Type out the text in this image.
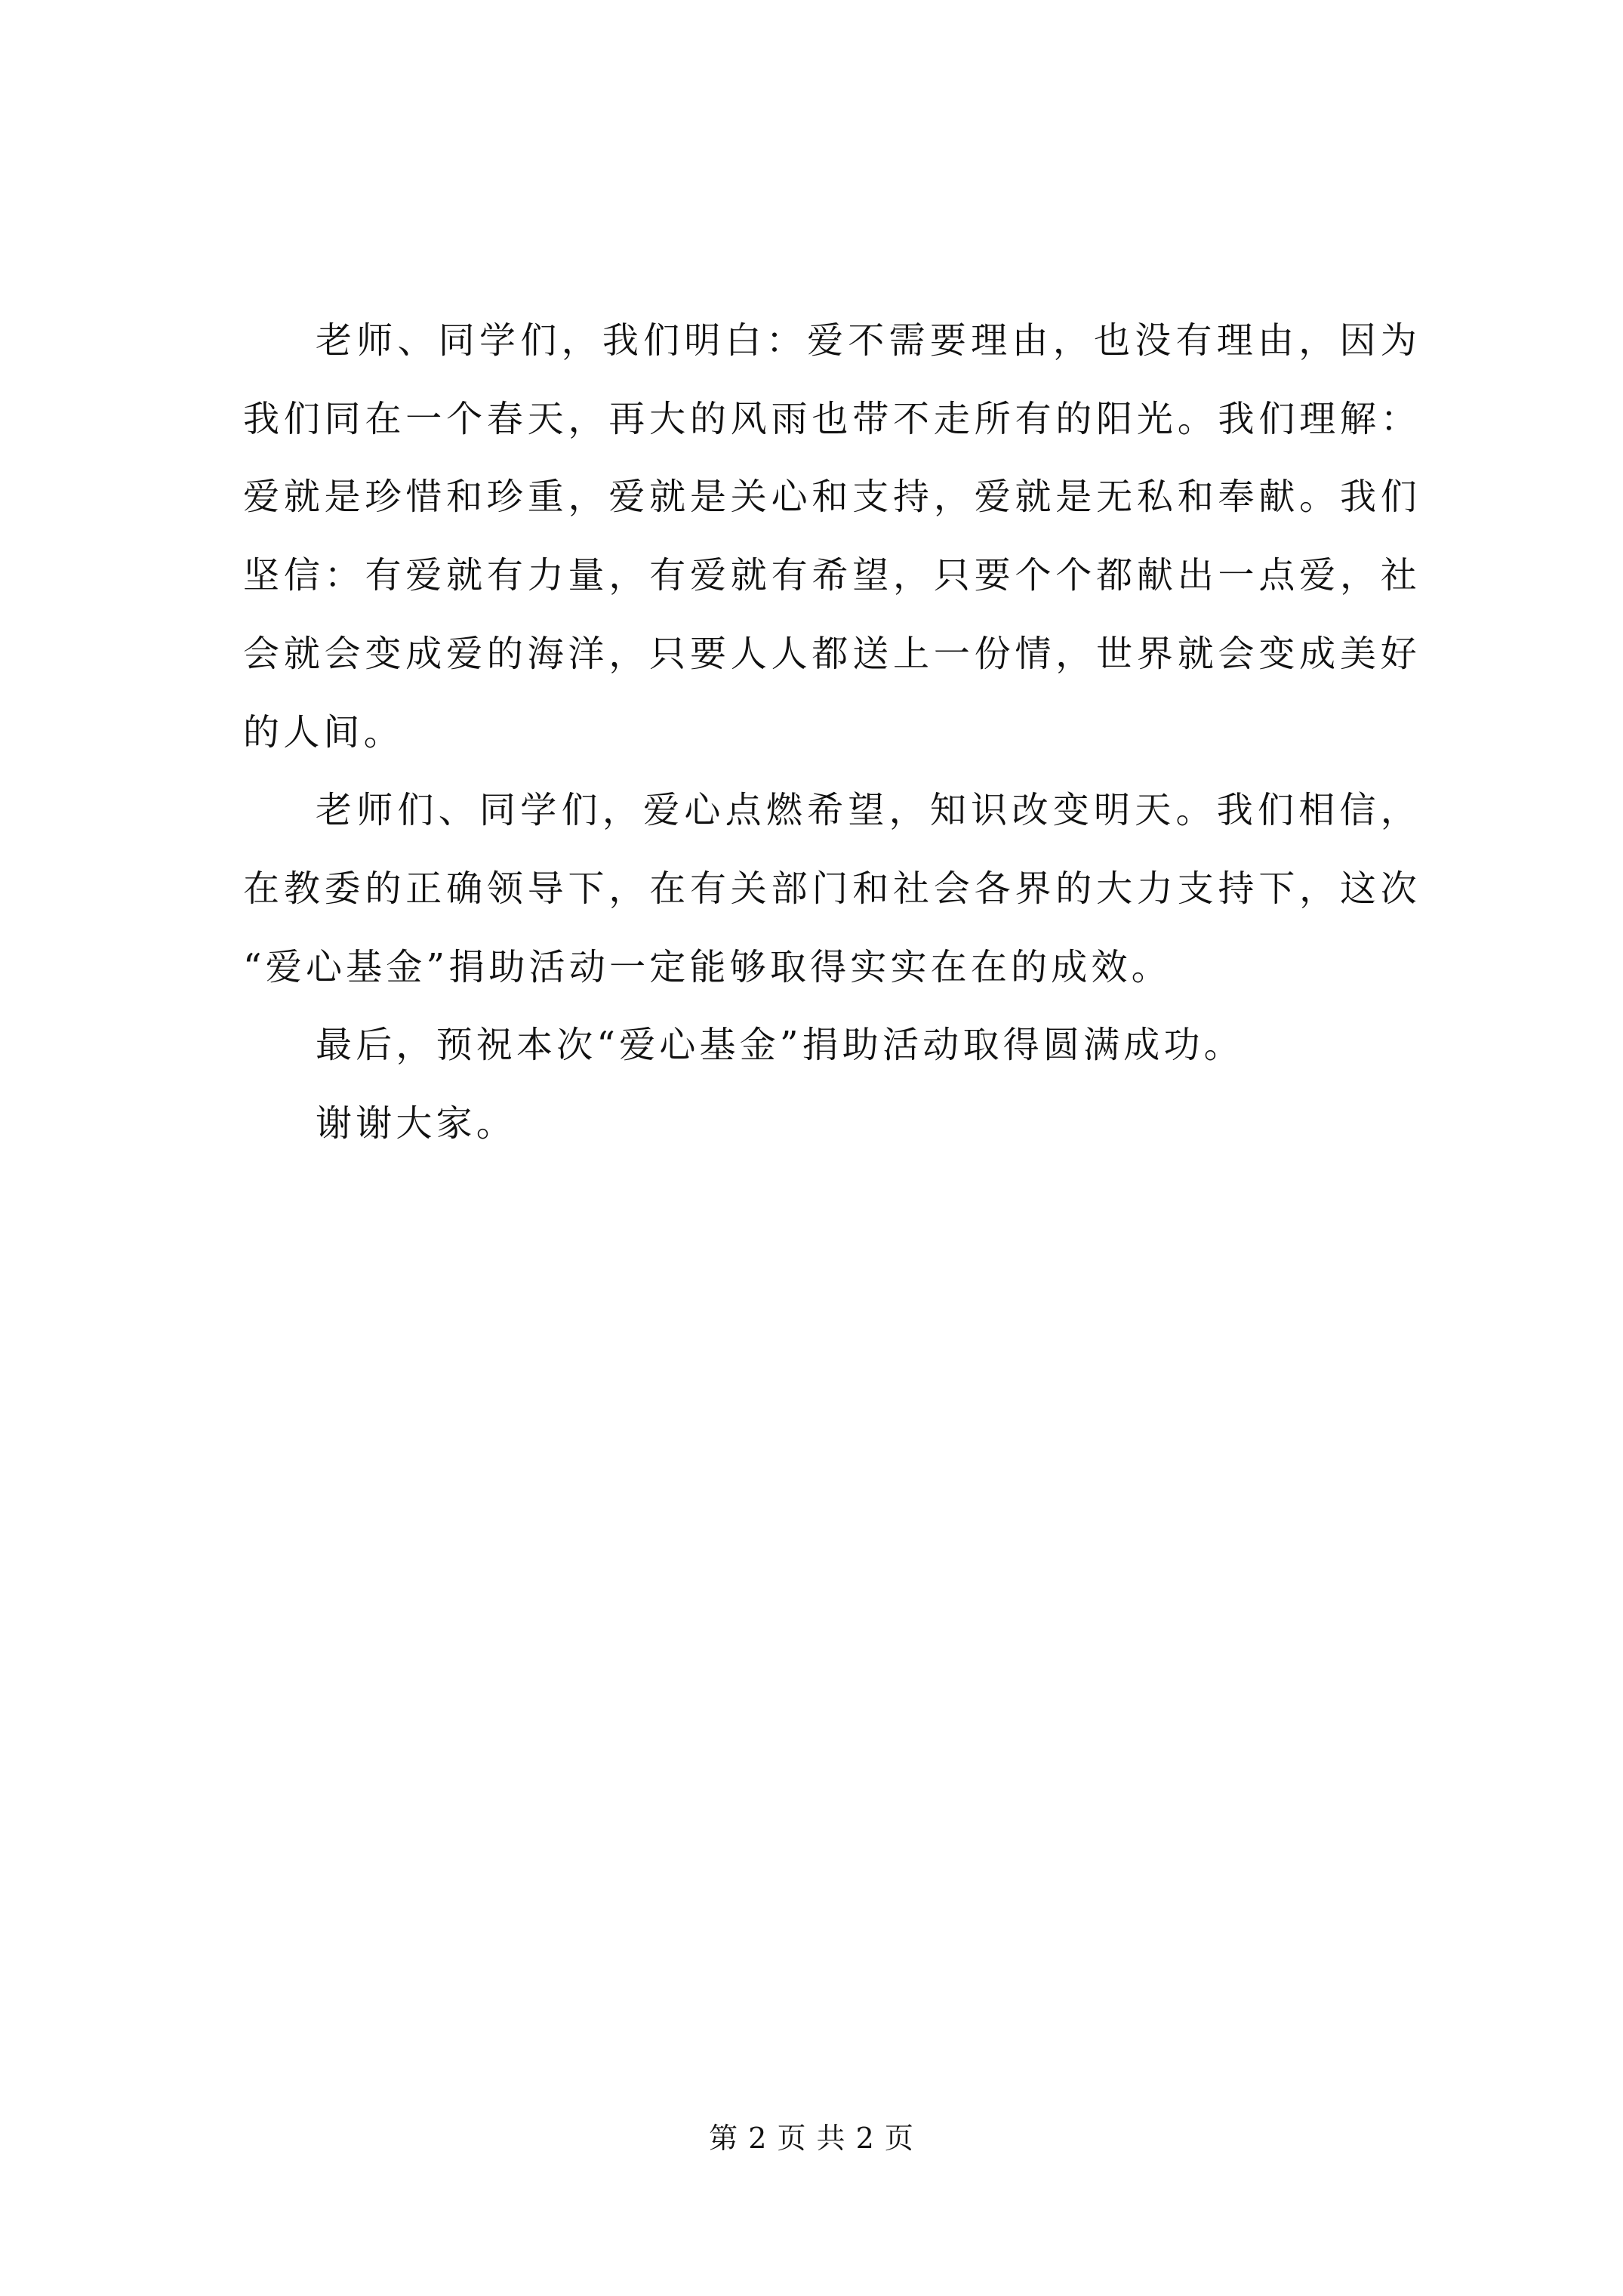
老师、同学们，我们明白：爱不需要理由，也没有理由，因为我们同在一个春天，再大的风雨也带不走所有的阳光。我们理解：爱就是珍惜和珍重，爱就是关心和支持，爱就是无私和奉献。我们坚信：有爱就有力量，有爱就有希望，只要个个都献出一点爱，社会就会变成爱的海洋，只要人人都送上一份情，世界就会变成美好的人间。

老师们、同学们，爱心点燃希望，知识改变明天。我们相信，在教委的正确领导下，在有关部门和社会各界的大力支持下，这次“爱心基金”捐助活动一定能够取得实实在在的成效。

最后，预祝本次“爱心基金”捐助活动取得圆满成功。

谢谢大家。

第 2 页 共 2 页
